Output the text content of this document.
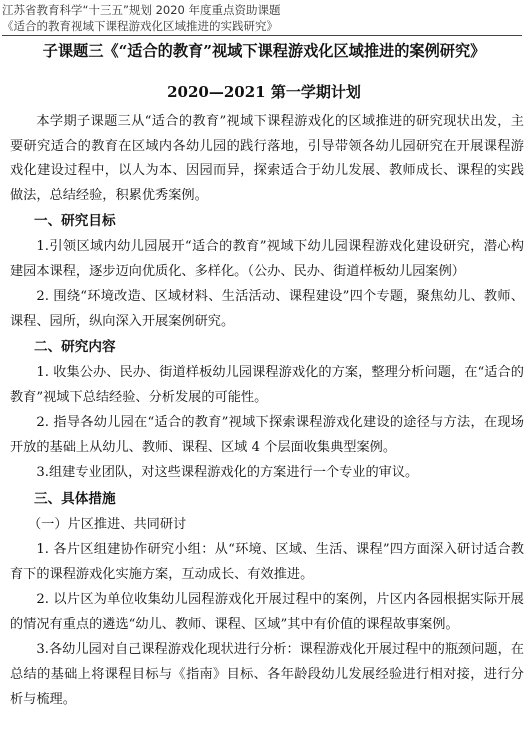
江苏省教育科学“十三五”规划 2020 年度重点资助课题
《适合的教育视域下课程游戏化区域推进的实践研究》
子课题三《“适合的教育”视域下课程游戏化区域推进的案例研究》
2020—2021 第一学期计划

本学期子课题三从“适合的教育”视域下课程游戏化的区域推进的研究现状出发，主要研究适合的教育在区域内各幼儿园的践行落地，引导带领各幼儿园研究在开展课程游戏化建设过程中，以人为本、因园而异，探索适合于幼儿发展、教师成长、课程的实践做法，总结经验，积累优秀案例。

一、研究目标

1.引领区域内幼儿园展开“适合的教育”视域下幼儿园课程游戏化建设研究，潜心构建园本课程，逐步迈向优质化、多样化。（公办、民办、街道样板幼儿园案例）

2. 围绕“环境改造、区域材料、生活活动、课程建设”四个专题，聚焦幼儿、教师、课程、园所，纵向深入开展案例研究。

二、研究内容

1. 收集公办、民办、街道样板幼儿园课程游戏化的方案，整理分析问题，在“适合的教育”视域下总结经验、分析发展的可能性。

2. 指导各幼儿园在“适合的教育”视域下探索课程游戏化建设的途径与方法，在现场开放的基础上从幼儿、教师、课程、区域 4 个层面收集典型案例。

3.组建专业团队，对这些课程游戏化的方案进行一个专业的审议。

三、具体措施

（一）片区推进、共同研讨

1. 各片区组建协作研究小组：从“环境、区域、生活、课程”四方面深入研讨适合教育下的课程游戏化实施方案，互动成长、有效推进。

2. 以片区为单位收集幼儿园程游戏化开展过程中的案例，片区内各园根据实际开展的情况有重点的遴选“幼儿、教师、课程、区域”其中有价值的课程故事案例。

3.各幼儿园对自己课程游戏化现状进行分析：课程游戏化开展过程中的瓶颈问题，在总结的基础上将课程目标与《指南》目标、各年龄段幼儿发展经验进行相对接，进行分析与梳理。
